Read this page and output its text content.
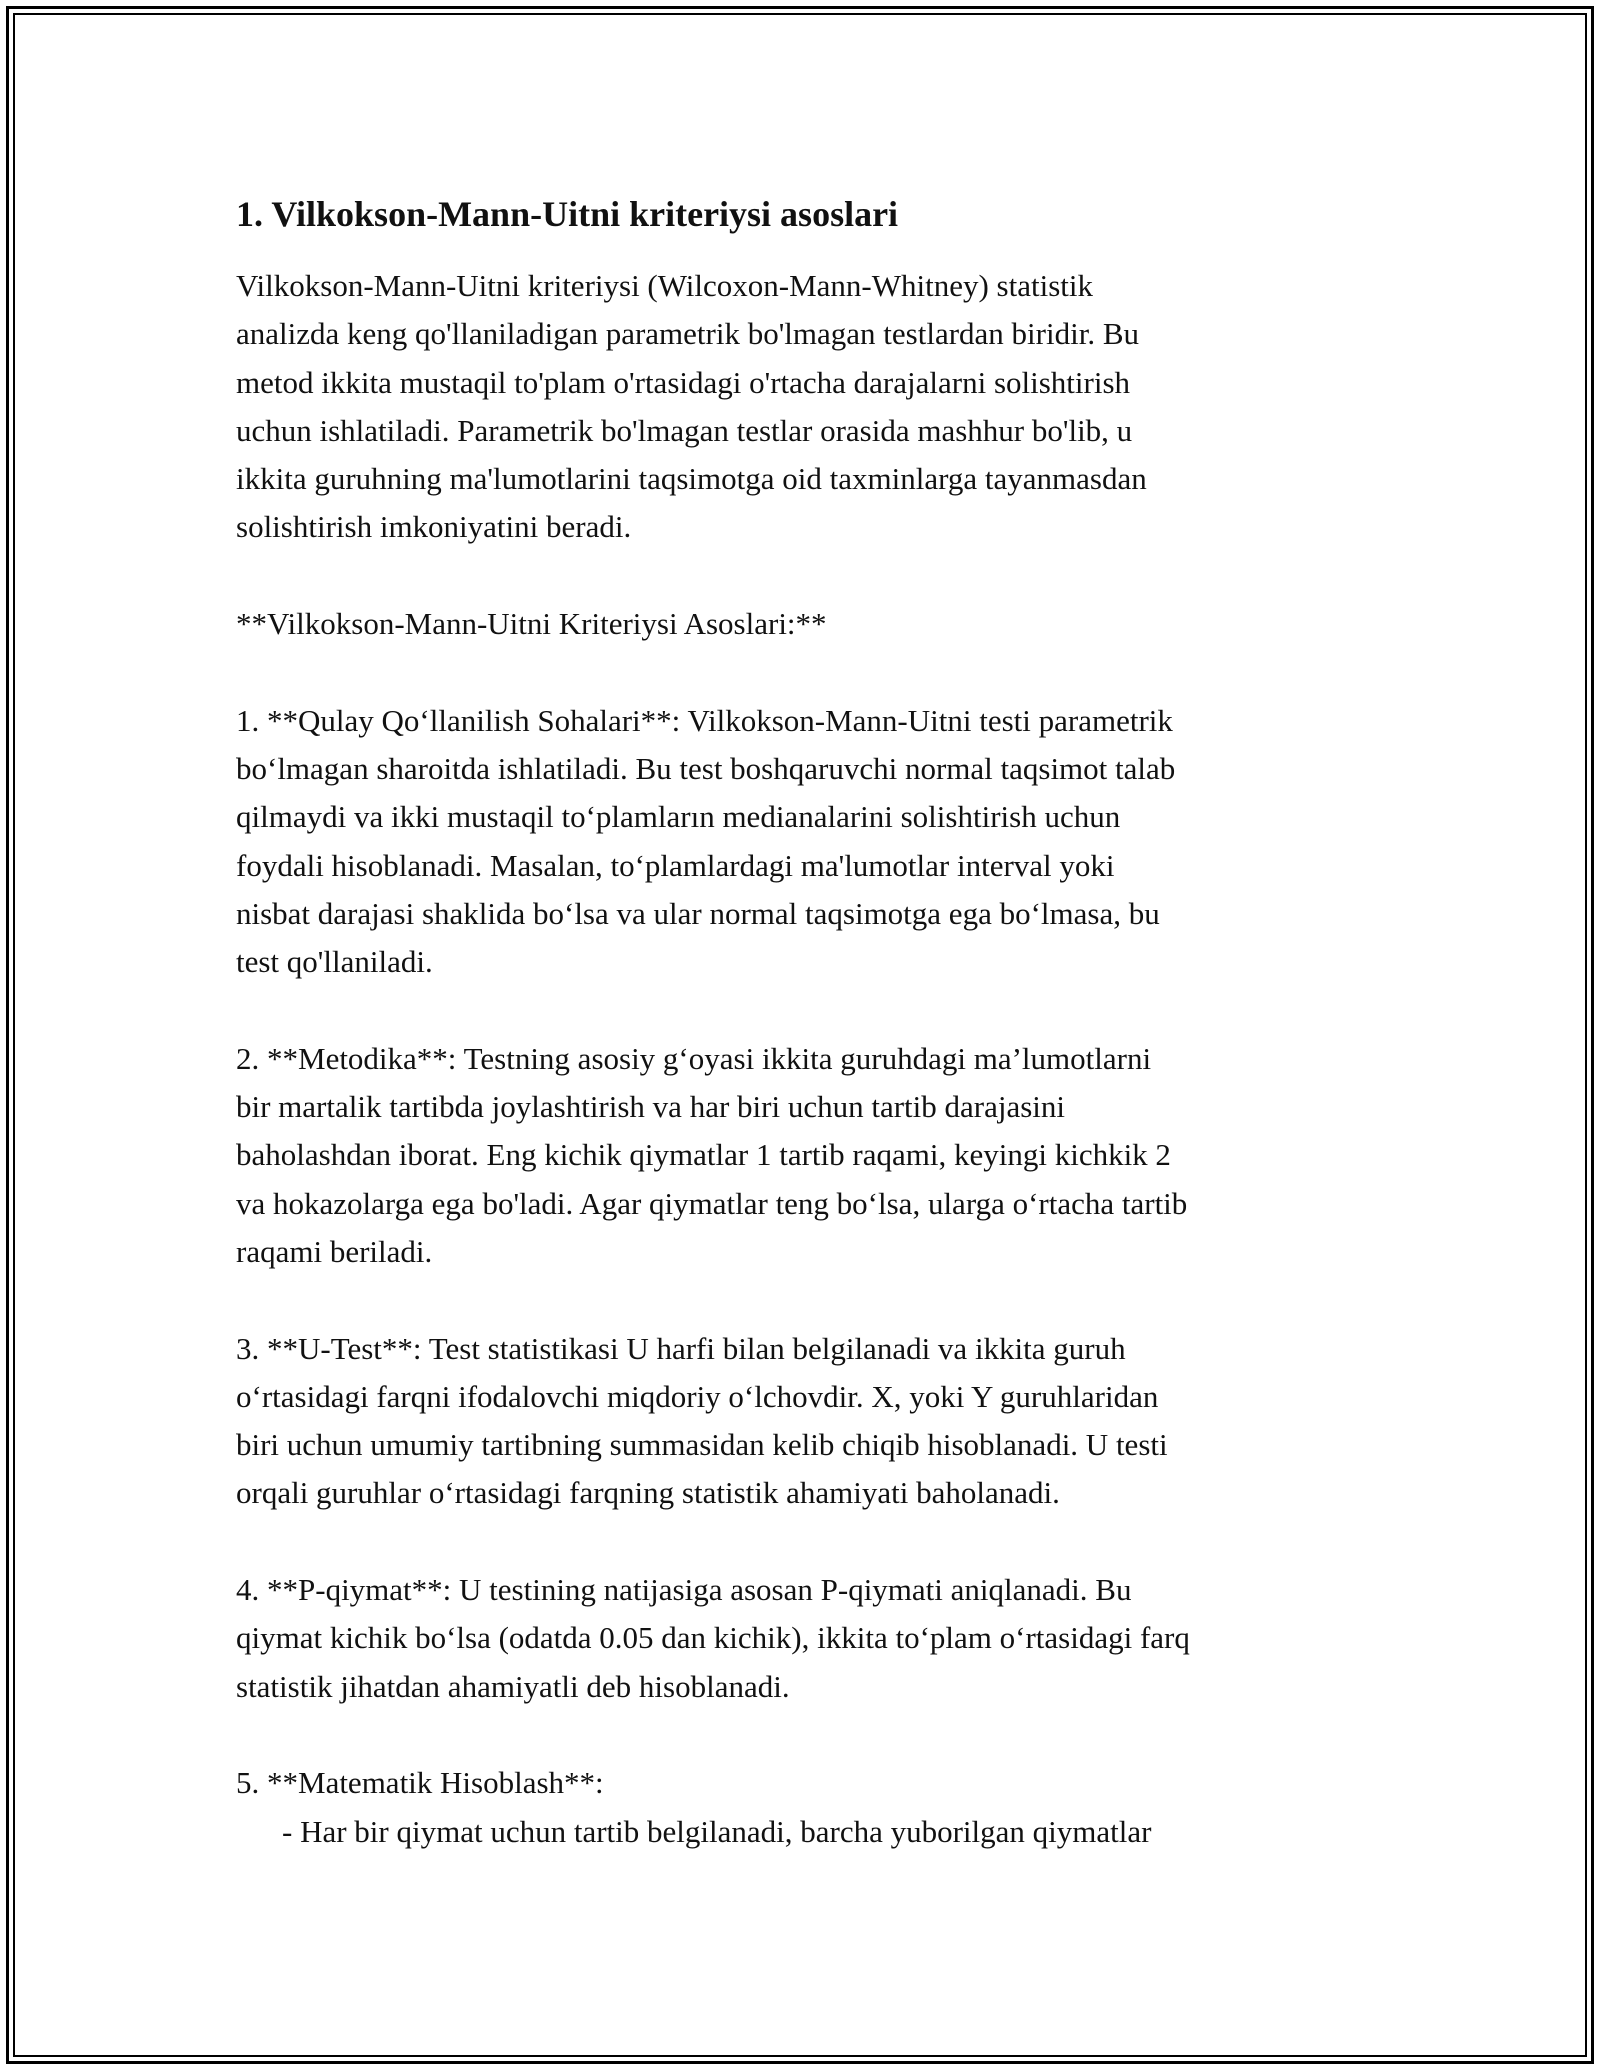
1. Vilkokson-Mann-Uitni kriteriysi asoslari

Vilkokson-Mann-Uitni kriteriysi (Wilcoxon-Mann-Whitney) statistik
analizda keng qo'llaniladigan parametrik bo'lmagan testlardan biridir. Bu
metod ikkita mustaqil to'plam o'rtasidagi o'rtacha darajalarni solishtirish
uchun ishlatiladi. Parametrik bo'lmagan testlar orasida mashhur bo'lib, u
ikkita guruhning ma'lumotlarini taqsimotga oid taxminlarga tayanmasdan
solishtirish imkoniyatini beradi.

**Vilkokson-Mann-Uitni Kriteriysi Asoslari:**

1. **Qulay Qo‘llanilish Sohalari**: Vilkokson-Mann-Uitni testi parametrik
bo‘lmagan sharoitda ishlatiladi. Bu test boshqaruvchi normal taqsimot talab
qilmaydi va ikki mustaqil to‘plamların medianalarini solishtirish uchun
foydali hisoblanadi. Masalan, to‘plamlardagi ma'lumotlar interval yoki
nisbat darajasi shaklida bo‘lsa va ular normal taqsimotga ega bo‘lmasa, bu
test qo'llaniladi.

2. **Metodika**: Testning asosiy g‘oyasi ikkita guruhdagi ma’lumotlarni
bir martalik tartibda joylashtirish va har biri uchun tartib darajasini
baholashdan iborat. Eng kichik qiymatlar 1 tartib raqami, keyingi kichkik 2
va hokazolarga ega bo'ladi. Agar qiymatlar teng bo‘lsa, ularga o‘rtacha tartib
raqami beriladi.

3. **U-Test**: Test statistikasi U harfi bilan belgilanadi va ikkita guruh
o‘rtasidagi farqni ifodalovchi miqdoriy o‘lchovdir. X, yoki Y guruhlaridan
biri uchun umumiy tartibning summasidan kelib chiqib hisoblanadi. U testi
orqali guruhlar o‘rtasidagi farqning statistik ahamiyati baholanadi.

4. **P-qiymat**: U testining natijasiga asosan P-qiymati aniqlanadi. Bu
qiymat kichik bo‘lsa (odatda 0.05 dan kichik), ikkita to‘plam o‘rtasidagi farq
statistik jihatdan ahamiyatli deb hisoblanadi.

5. **Matematik Hisoblash**:

- Har bir qiymat uchun tartib belgilanadi, barcha yuborilgan qiymatlar
